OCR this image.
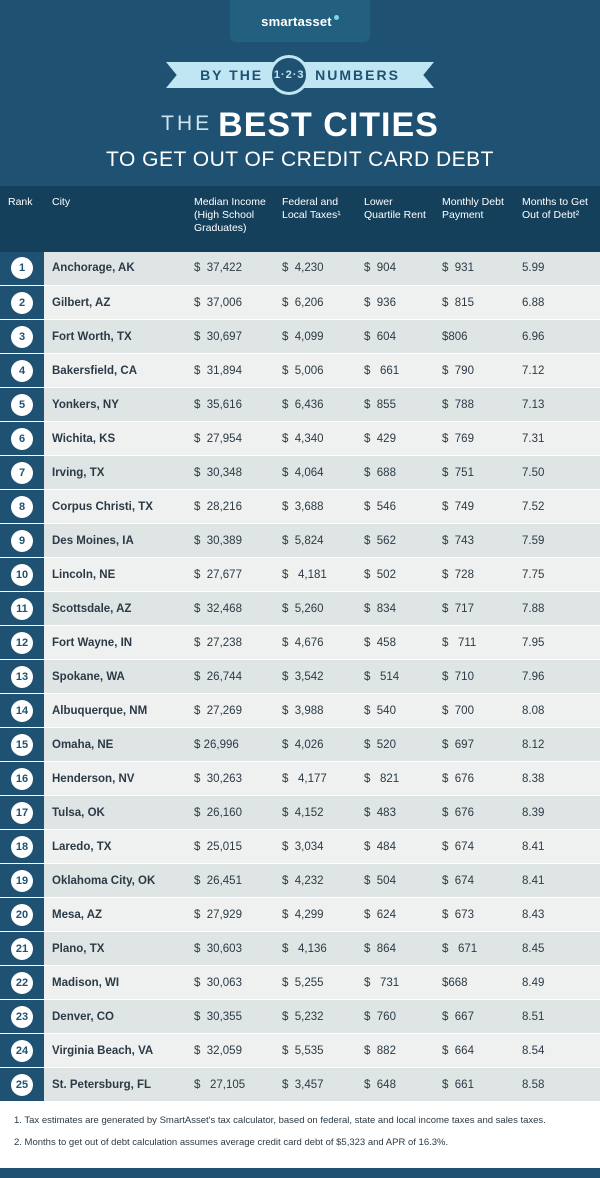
smartasset
BY THE 1·2·3 NUMBERS
THE BEST CITIES
TO GET OUT OF CREDIT CARD DEBT
Rank	City	Median Income (High School Graduates)	Federal and Local Taxes¹	Lower Quartile Rent	Monthly Debt Payment	Months to Get Out of Debt²

1	Anchorage, AK	$  37,422	$  4,230	$  904	$  931	5.99

2	Gilbert, AZ	$  37,006	$  6,206	$  936	$  815	6.88

3	Fort Worth, TX	$  30,697	$  4,099	$  604	$806	6.96

4	Bakersfield, CA	$  31,894	$  5,006	$   661	$  790	7.12

5	Yonkers, NY	$  35,616	$  6,436	$  855	$  788	7.13

6	Wichita, KS	$  27,954	$  4,340	$  429	$  769	7.31

7	Irving, TX	$  30,348	$  4,064	$  688	$  751	7.50

8	Corpus Christi, TX	$  28,216	$  3,688	$  546	$  749	7.52

9	Des Moines, IA	$  30,389	$  5,824	$  562	$  743	7.59

10	Lincoln, NE	$  27,677	$   4,181	$  502	$  728	7.75

11	Scottsdale, AZ	$  32,468	$  5,260	$  834	$  717	7.88

12	Fort Wayne, IN	$  27,238	$  4,676	$  458	$   711	7.95

13	Spokane, WA	$  26,744	$  3,542	$   514	$  710	7.96

14	Albuquerque, NM	$  27,269	$  3,988	$  540	$  700	8.08

15	Omaha, NE	$ 26,996	$  4,026	$  520	$  697	8.12

16	Henderson, NV	$  30,263	$   4,177	$   821	$  676	8.38

17	Tulsa, OK	$  26,160	$  4,152	$  483	$  676	8.39

18	Laredo, TX	$  25,015	$  3,034	$  484	$  674	8.41

19	Oklahoma City, OK	$  26,451	$  4,232	$  504	$  674	8.41

20	Mesa, AZ	$  27,929	$  4,299	$  624	$  673	8.43

21	Plano, TX	$  30,603	$   4,136	$  864	$   671	8.45

22	Madison, WI	$  30,063	$  5,255	$   731	$668	8.49

23	Denver, CO	$  30,355	$  5,232	$  760	$  667	8.51

24	Virginia Beach, VA	$  32,059	$  5,535	$  882	$  664	8.54

25	St. Petersburg, FL	$   27,105	$  3,457	$  648	$  661	8.58

1. Tax estimates are generated by SmartAsset's tax calculator, based on federal, state and local income taxes and sales taxes.

2. Months to get out of debt calculation assumes average credit card debt of $5,323 and APR of 16.3%.
